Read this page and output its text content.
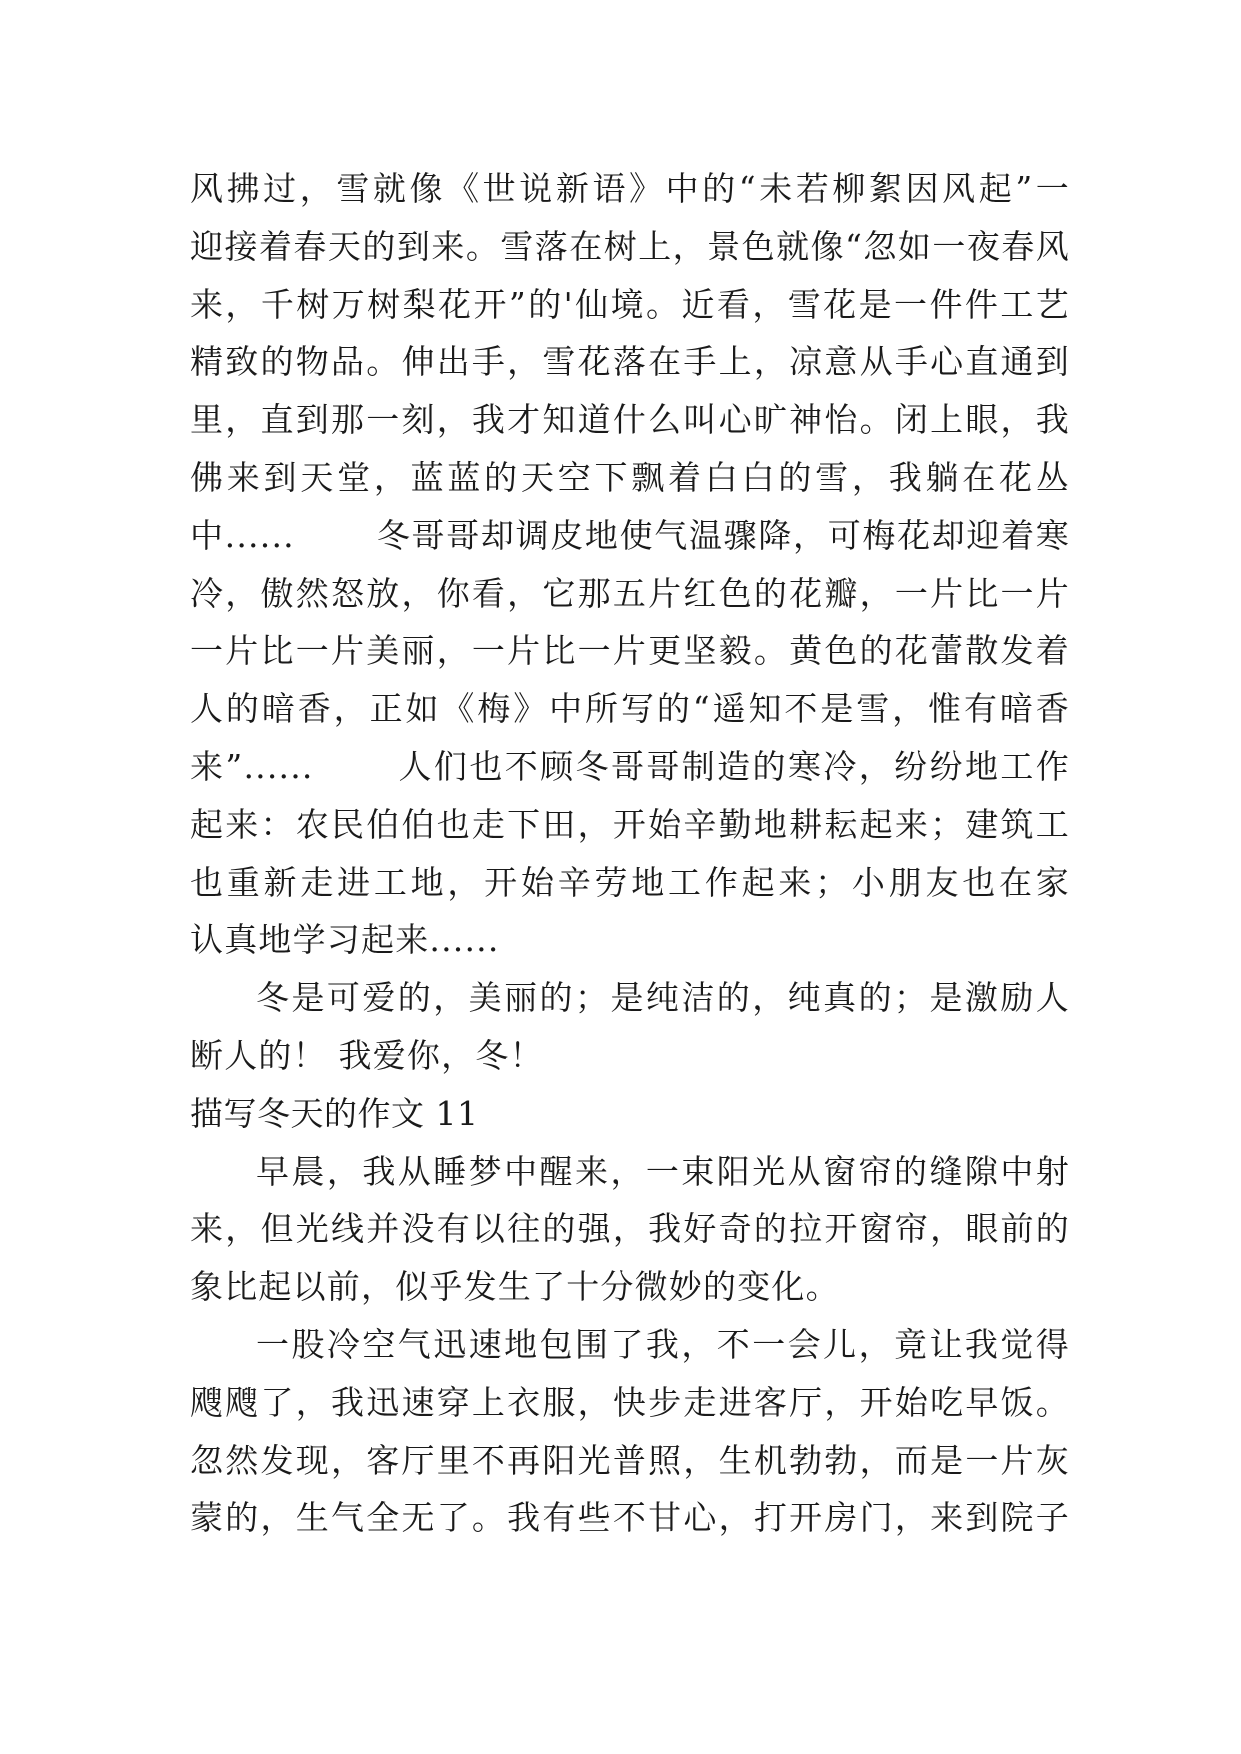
风拂过，雪就像《世说新语》中的“未若柳絮因风起”一
迎接着春天的到来。雪落在树上，景色就像“忽如一夜春风
来，千树万树梨花开”的'仙境。近看，雪花是一件件工艺
精致的物品。伸出手，雪花落在手上，凉意从手心直通到
里，直到那一刻，我才知道什么叫心旷神怡。闭上眼，我
佛来到天堂，蓝蓝的天空下飘着白白的雪，我躺在花丛
中......　　 冬哥哥却调皮地使气温骤降，可梅花却迎着寒
冷，傲然怒放，你看，它那五片红色的花瓣，一片比一片
一片比一片美丽，一片比一片更坚毅。黄色的花蕾散发着
人的暗香，正如《梅》中所写的“遥知不是雪，惟有暗香
来”......　　 人们也不顾冬哥哥制造的寒冷，纷纷地工作
起来：农民伯伯也走下田，开始辛勤地耕耘起来；建筑工
也重新走进工地，开始辛劳地工作起来；小朋友也在家
认真地学习起来......
冬是可爱的，美丽的；是纯洁的，纯真的；是激励人
断人的！ 我爱你，冬！
描写冬天的作文 11
早晨，我从睡梦中醒来，一束阳光从窗帘的缝隙中射
来，但光线并没有以往的强，我好奇的拉开窗帘，眼前的
象比起以前，似乎发生了十分微妙的变化。
一股冷空气迅速地包围了我，不一会儿，竟让我觉得
飕飕了，我迅速穿上衣服，快步走进客厅，开始吃早饭。
忽然发现，客厅里不再阳光普照，生机勃勃，而是一片灰
蒙的，生气全无了。我有些不甘心，打开房门，来到院子
